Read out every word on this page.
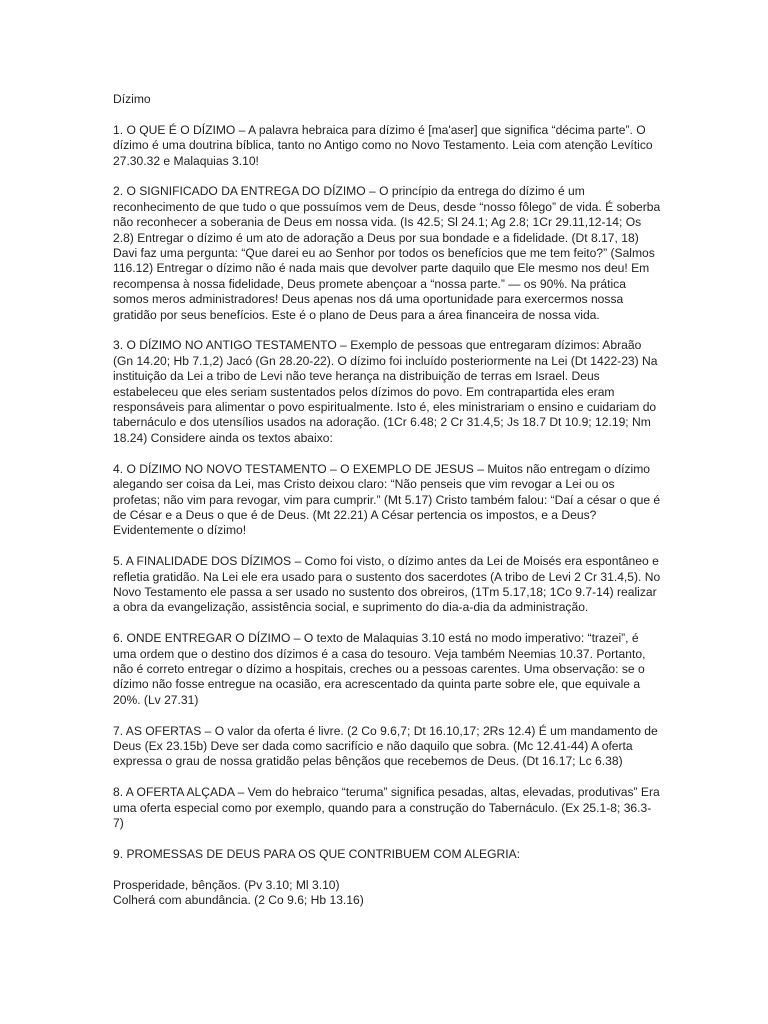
Dízimo

1. O QUE É O DÍZIMO – A palavra hebraica para dízimo é [ma'aser] que significa “décima parte”. O dízimo é uma doutrina bíblica, tanto no Antigo como no Novo Testamento. Leia com atenção Levítico 27.30.32 e Malaquias 3.10!

2. O SIGNIFICADO DA ENTREGA DO DÍZIMO – O princípio da entrega do dízimo é um reconhecimento de que tudo o que possuímos vem de Deus, desde “nosso fôlego” de vida. É soberba não reconhecer a soberania de Deus em nossa vida. (Is 42.5; Sl 24.1; Ag 2.8; 1Cr 29.11,12-14; Os 2.8) Entregar o dízimo é um ato de adoração a Deus por sua bondade e a fidelidade. (Dt 8.17, 18) Davi faz uma pergunta: “Que darei eu ao Senhor por todos os benefícios que me tem feito?” (Salmos 116.12) Entregar o dízimo não é nada mais que devolver parte daquilo que Ele mesmo nos deu! Em recompensa à nossa fidelidade, Deus promete abençoar a “nossa parte.” — os 90%. Na prática somos meros administradores! Deus apenas nos dá uma oportunidade para exercermos nossa gratidão por seus benefícios. Este é o plano de Deus para a área financeira de nossa vida.

3. O DÍZIMO NO ANTIGO TESTAMENTO – Exemplo de pessoas que entregaram dízimos: Abraão (Gn 14.20; Hb 7.1,2) Jacó (Gn 28.20-22). O dízimo foi incluído posteriormente na Lei (Dt 1422-23) Na instituição da Lei a tribo de Levi não teve herança na distribuição de terras em Israel. Deus estabeleceu que eles seriam sustentados pelos dízimos do povo. Em contrapartida eles eram responsáveis para alimentar o povo espiritualmente. Isto é, eles ministrariam o ensino e cuidariam do tabernáculo e dos utensílios usados na adoração. (1Cr 6.48; 2 Cr 31.4,5; Js 18.7 Dt 10.9; 12.19; Nm 18.24) Considere ainda os textos abaixo:

4. O DÍZIMO NO NOVO TESTAMENTO – O EXEMPLO DE JESUS – Muitos não entregam o dízimo alegando ser coisa da Lei, mas Cristo deixou claro: “Não penseis que vim revogar a Lei ou os profetas; não vim para revogar, vim para cumprir.” (Mt 5.17) Cristo também falou: “Daí a césar o que é de César e a Deus o que é de Deus. (Mt 22.21) A César pertencia os impostos, e a Deus? Evidentemente o dízimo!

5. A FINALIDADE DOS DÍZIMOS – Como foi visto, o dízimo antes da Lei de Moisés era espontâneo e refletia gratidão. Na Lei ele era usado para o sustento dos sacerdotes (A tribo de Levi 2 Cr 31.4,5). No Novo Testamento ele passa a ser usado no sustento dos obreiros, (1Tm 5.17,18; 1Co 9.7-14) realizar a obra da evangelização, assistência social, e suprimento do dia-a-dia da administração.

6. ONDE ENTREGAR O DÍZIMO – O texto de Malaquias 3.10 está no modo imperativo: “trazei”, é uma ordem que o destino dos dízimos é a casa do tesouro. Veja também Neemias 10.37. Portanto, não é correto entregar o dízimo a hospitais, creches ou a pessoas carentes. Uma observação: se o dízimo não fosse entregue na ocasião, era acrescentado da quinta parte sobre ele, que equivale a 20%. (Lv 27.31)

7. AS OFERTAS – O valor da oferta é livre. (2 Co 9.6,7; Dt 16.10,17; 2Rs 12.4) É um mandamento de Deus (Ex 23.15b) Deve ser dada como sacrifício e não daquilo que sobra. (Mc 12.41-44) A oferta expressa o grau de nossa gratidão pelas bênçãos que recebemos de Deus. (Dt 16.17; Lc 6.38)

8. A OFERTA ALÇADA – Vem do hebraico “teruma” significa pesadas, altas, elevadas, produtivas” Era uma oferta especial como por exemplo, quando para a construção do Tabernáculo. (Ex 25.1-8; 36.3-7)

9. PROMESSAS DE DEUS PARA OS QUE CONTRIBUEM COM ALEGRIA:

Prosperidade, bênçãos. (Pv 3.10; Ml 3.10)

Colherá com abundância. (2 Co 9.6; Hb 13.16)
